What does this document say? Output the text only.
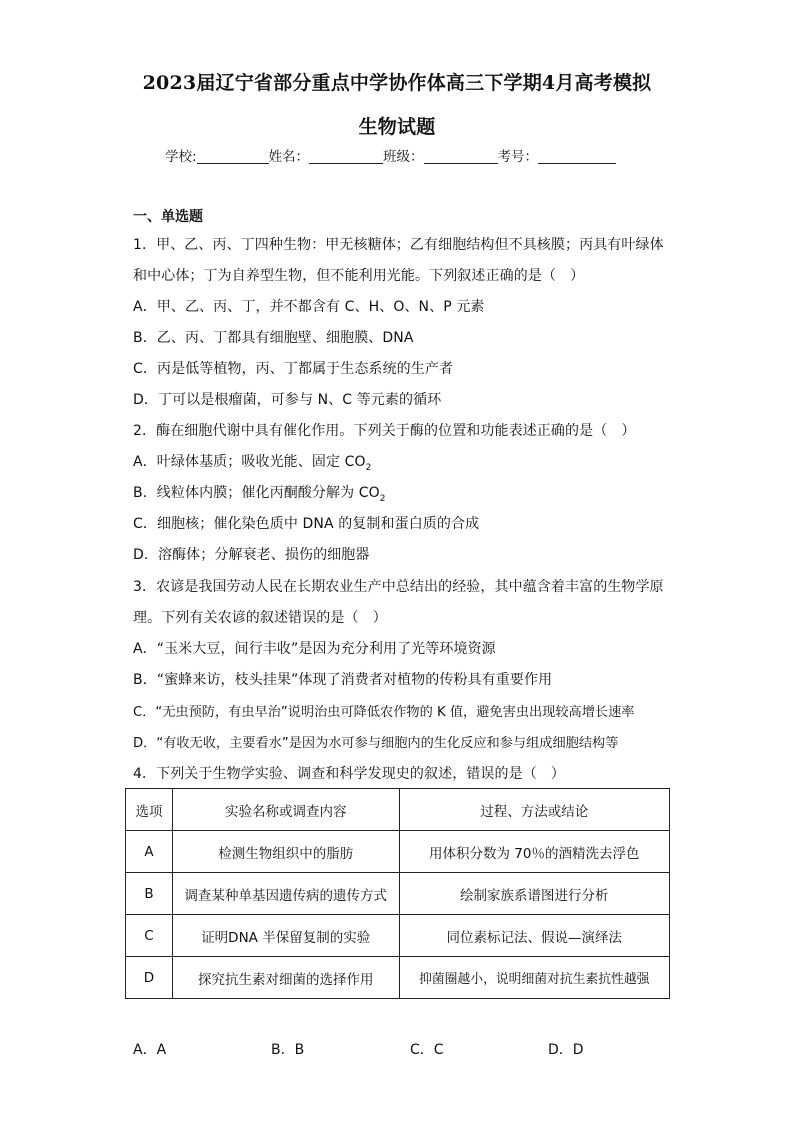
2023届辽宁省部分重点中学协作体高三下学期4月高考模拟
生物试题
学校:	姓名：	班级：	考号：
一、单选题
1．甲、乙、丙、丁四种生物：甲无核糖体；乙有细胞结构但不具核膜；丙具有叶绿体
和中心体；丁为自养型生物，但不能利用光能。下列叙述正确的是（　）
A．甲、乙、丙、丁，并不都含有 C、H、O、N、P 元素
B．乙、丙、丁都具有细胞壁、细胞膜、DNA
C．丙是低等植物，丙、丁都属于生态系统的生产者
D．丁可以是根瘤菌，可参与 N、C 等元素的循环
2．酶在细胞代谢中具有催化作用。下列关于酶的位置和功能表述正确的是（　）
A．叶绿体基质；吸收光能、固定 $CO_2$
B．线粒体内膜；催化丙酮酸分解为 $CO_2$
C．细胞核；催化染色质中 DNA 的复制和蛋白质的合成
D．溶酶体；分解衰老、损伤的细胞器
3．农谚是我国劳动人民在长期农业生产中总结出的经验，其中蕴含着丰富的生物学原
理。下列有关农谚的叙述错误的是（　）
A．“玉米大豆，间行丰收”是因为充分利用了光等环境资源
B．“蜜蜂来访，枝头挂果”体现了消费者对植物的传粉具有重要作用
C．“无虫预防，有虫早治”说明治虫可降低农作物的 K 值，避免害虫出现较高增长速率
D．“有收无收，主要看水”是因为水可参与细胞内的生化反应和参与组成细胞结构等
4．下列关于生物学实验、调查和科学发现史的叙述，错误的是（　）
选项	实验名称或调查内容	过程、方法或结论
A	检测生物组织中的脂肪	用体积分数为 70％的酒精洗去浮色
B	调查某种单基因遗传病的遗传方式	绘制家族系谱图进行分析
C	证明DNA 半保留复制的实验	同位素标记法、假说—演绎法
D	探究抗生素对细菌的选择作用	抑菌圈越小，说明细菌对抗生素抗性越强
A．A	B．B	C．C	D．D
